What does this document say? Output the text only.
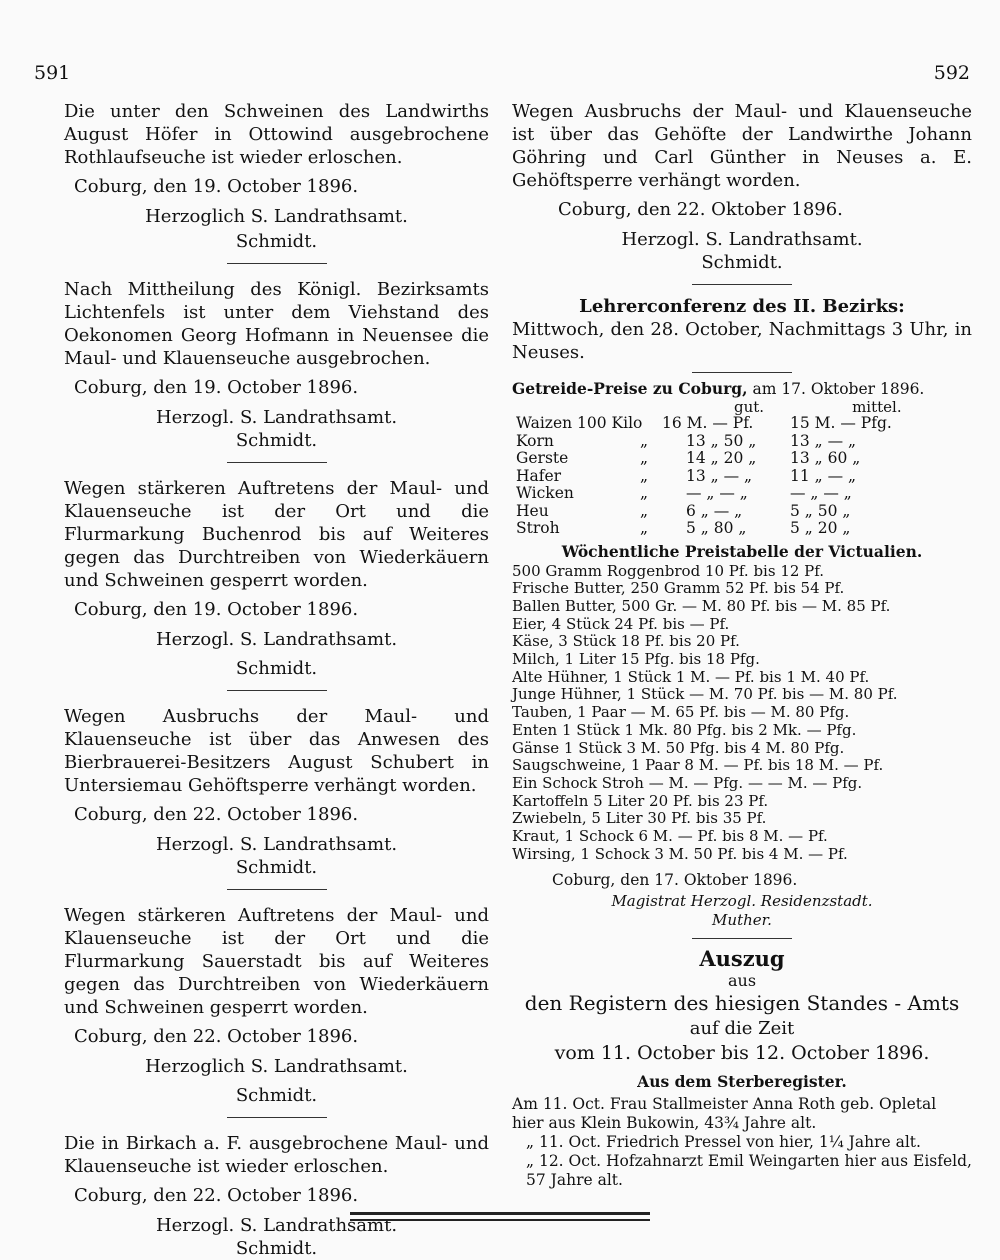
591	592

Die unter den Schweinen des Landwirths August Höfer in Ottowind ausgebrochene Rothlaufseuche ist wieder erloschen.

Coburg, den 19. October 1896.
Herzoglich S. Landrathsamt.
Schmidt.

Nach Mittheilung des Königl. Bezirksamts Lichtenfels ist unter dem Viehstand des Oekonomen Georg Hofmann in Neuensee die Maul- und Klauenseuche ausgebrochen.

Coburg, den 19. October 1896.
Herzogl. S. Landrathsamt.
Schmidt.

Wegen stärkeren Auftretens der Maul- und Klauenseuche ist der Ort und die Flurmarkung Buchenrod bis auf Weiteres gegen das Durchtreiben von Wiederkäuern und Schweinen gesperrt worden.

Coburg, den 19. October 1896.
Herzogl. S. Landrathsamt.
Schmidt.

Wegen Ausbruchs der Maul- und Klauenseuche ist über das Anwesen des Bierbrauerei-Besitzers August Schubert in Untersiemau Gehöftsperre verhängt worden.

Coburg, den 22. October 1896.
Herzogl. S. Landrathsamt.
Schmidt.

Wegen stärkeren Auftretens der Maul- und Klauenseuche ist der Ort und die Flurmarkung Sauerstadt bis auf Weiteres gegen das Durchtreiben von Wiederkäuern und Schweinen gesperrt worden.

Coburg, den 22. October 1896.
Herzoglich S. Landrathsamt.
Schmidt.

Die in Birkach a. F. ausgebrochene Maul- und Klauenseuche ist wieder erloschen.

Coburg, den 22. October 1896.
Herzogl. S. Landrathsamt.
Schmidt.

Wegen Ausbruchs der Maul- und Klauenseuche ist über das Gehöfte der Landwirthe Johann Göhring und Carl Günther in Neuses a. E. Gehöftsperre verhängt worden.

Coburg, den 22. Oktober 1896.
Herzogl. S. Landrathsamt.
Schmidt.

Lehrerconferenz des II. Bezirks:

Mittwoch, den 28. October, Nachmittags 3 Uhr, in Neuses.

Getreide-Preise zu Coburg, am 17. Oktober 1896.

gut.	mittel.
Waizen 100 Kilo		16 M. — Pf.	15 M. — Pfg.
Korn	„	13 „ 50 „	13 „ — „
Gerste	„	14 „ 20 „	13 „ 60 „
Hafer	„	13 „ — „	11 „ — „
Wicken	„	— „ — „	— „ — „
Heu	„	6 „ — „	5 „ 50 „
Stroh	„	5 „ 80 „	5 „ 20 „

Wöchentliche Preistabelle der Victualien.

500 Gramm Roggenbrod 10 Pf. bis 12 Pf.
Frische Butter, 250 Gramm 52 Pf. bis 54 Pf.
Ballen Butter, 500 Gr. — M. 80 Pf. bis — M. 85 Pf.
Eier, 4 Stück 24 Pf. bis — Pf.
Käse, 3 Stück 18 Pf. bis 20 Pf.
Milch, 1 Liter 15 Pfg. bis 18 Pfg.
Alte Hühner, 1 Stück 1 M. — Pf. bis 1 M. 40 Pf.
Junge Hühner, 1 Stück — M. 70 Pf. bis — M. 80 Pf.
Tauben, 1 Paar — M. 65 Pf. bis — M. 80 Pfg.
Enten 1 Stück 1 Mk. 80 Pfg. bis 2 Mk. — Pfg.
Gänse 1 Stück 3 M. 50 Pfg. bis 4 M. 80 Pfg.
Saugschweine, 1 Paar 8 M. — Pf. bis 18 M. — Pf.
Ein Schock Stroh — M. — Pfg. — — M. — Pfg.
Kartoffeln 5 Liter 20 Pf. bis 23 Pf.
Zwiebeln, 5 Liter 30 Pf. bis 35 Pf.
Kraut, 1 Schock 6 M. — Pf. bis 8 M. — Pf.
Wirsing, 1 Schock 3 M. 50 Pf. bis 4 M. — Pf.
Coburg, den 17. Oktober 1896.
Magistrat Herzogl. Residenzstadt.
Muther.

Auszug

aus

den Registern des hiesigen Standes - Amts

auf die Zeit

vom 11. October bis 12. October 1896.

Aus dem Sterberegister.

Am 11. Oct. Frau Stallmeister Anna Roth geb. Opletal hier aus Klein Bukowin, 43¾ Jahre alt.

„ 11. Oct. Friedrich Pressel von hier, 1¼ Jahre alt.

„ 12. Oct. Hofzahnarzt Emil Weingarten hier aus Eisfeld, 57 Jahre alt.
